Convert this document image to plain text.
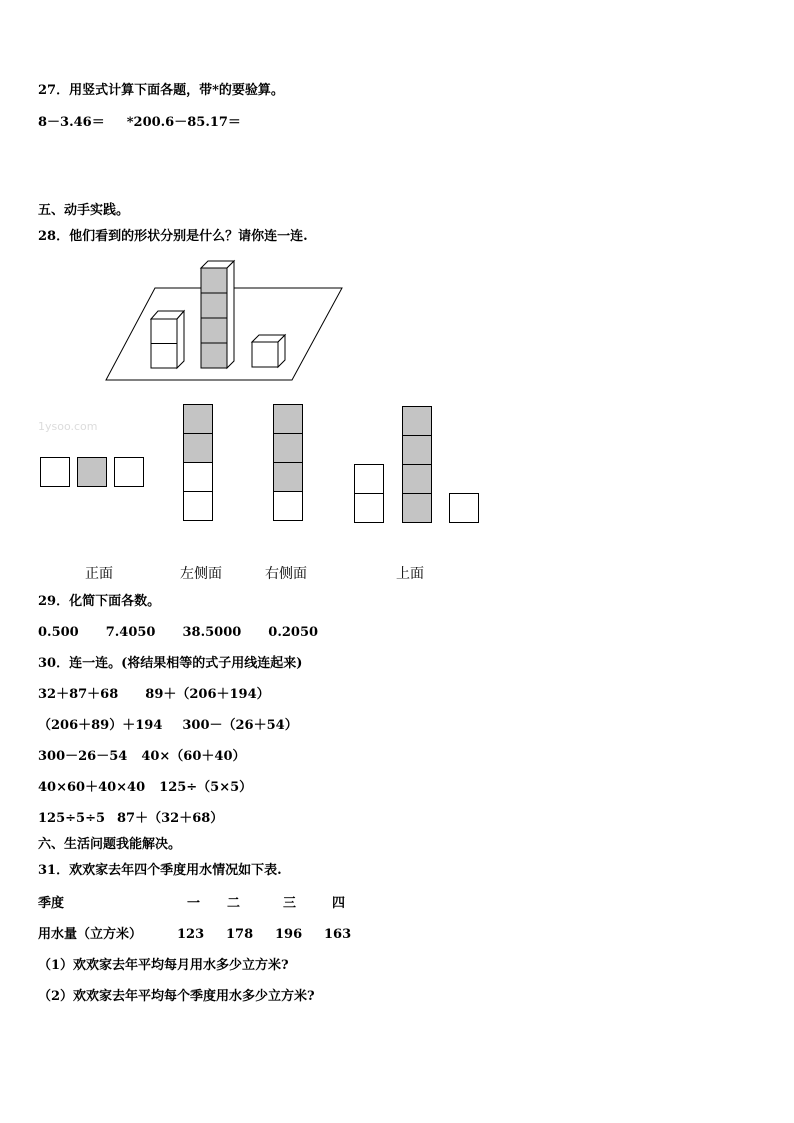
27．用竖式计算下面各题，带*的要验算。
8－3.46＝ *200.6－85.17＝
五、动手实践。
28．他们看到的形状分别是什么？请你连一连.
1ysoo.com
正面	左侧面	右侧面	上面
29．化简下面各数。
0.500 7.4050 38.5000 0.2050
30．连一连。(将结果相等的式子用线连起来)
32＋87＋68 89＋（206＋194）
（206＋89）＋194 300－（26＋54）
300－26－54 40×（60＋40）
40×60＋40×40 125÷（5×5）
125÷5÷5 87＋（32＋68）
六、生活问题我能解决。
31．欢欢家去年四个季度用水情况如下表.
季度	一 二	三	四
用水量（立方米）	123 178 196 163
（1）欢欢家去年平均每月用水多少立方米?
（2）欢欢家去年平均每个季度用水多少立方米?
